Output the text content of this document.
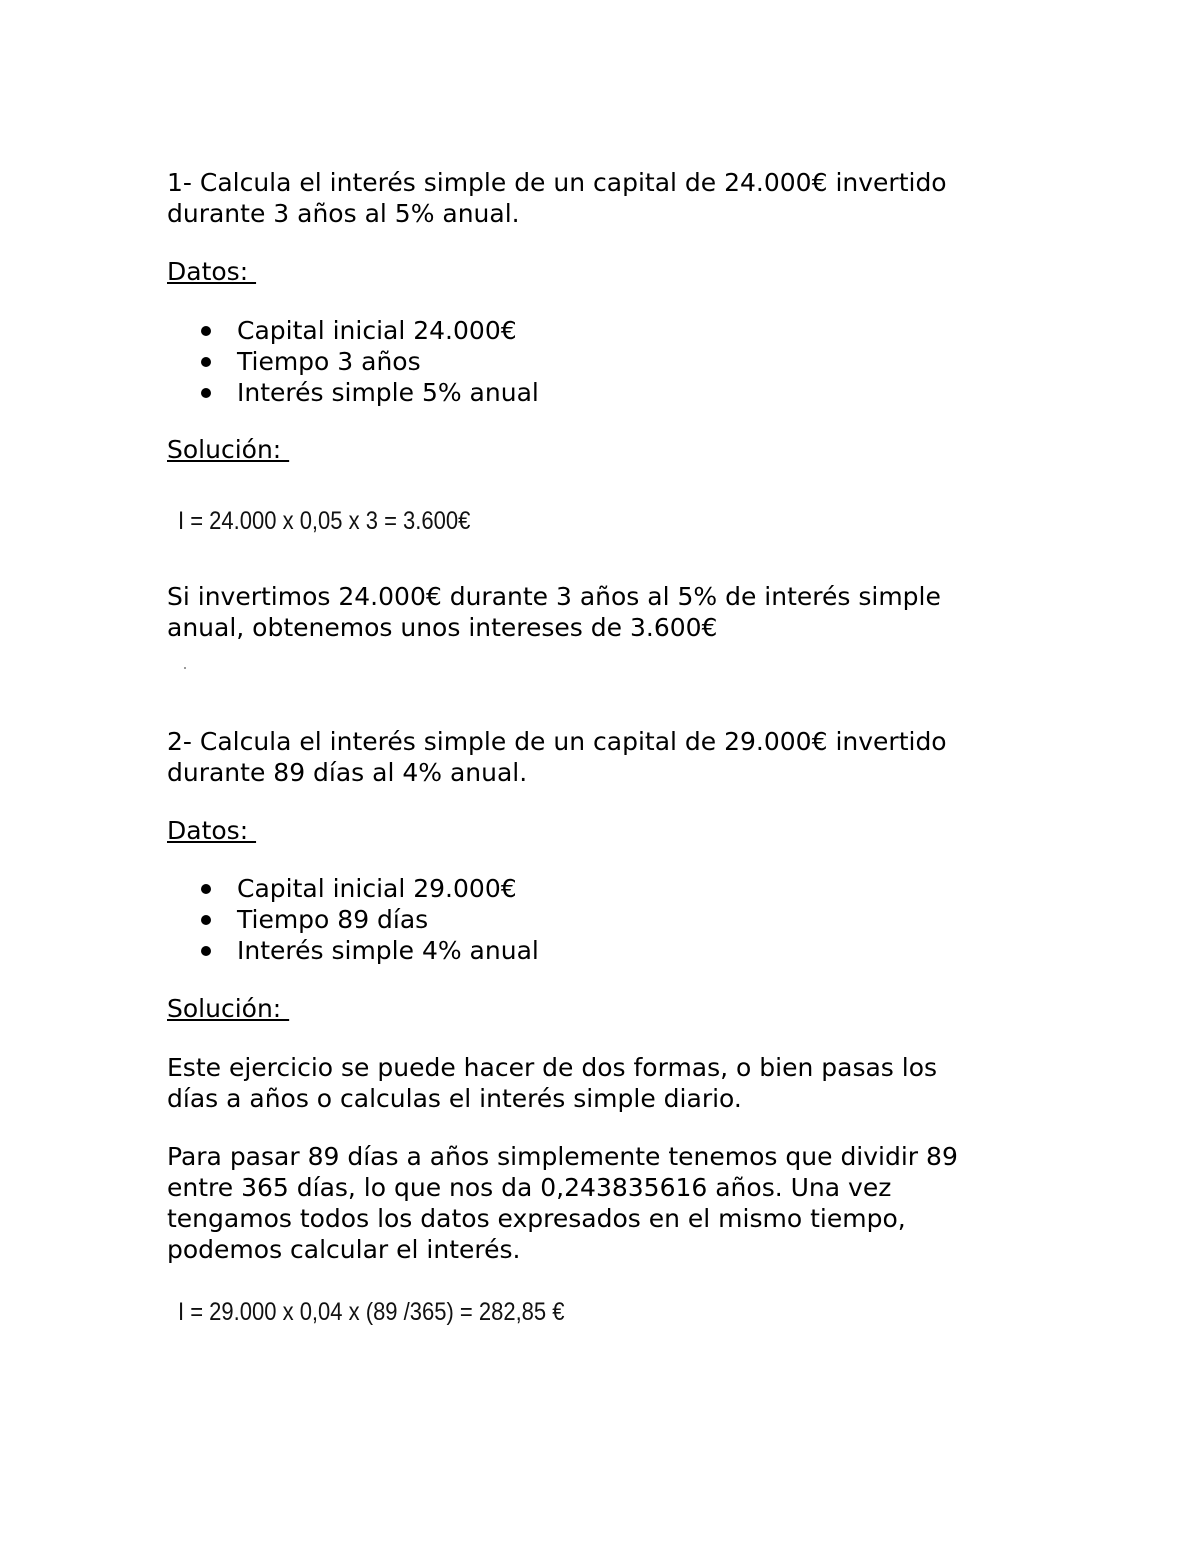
1- Calcula el interés simple de un capital de 24.000€ invertido
durante 3 años al 5% anual.
Datos:
Capital inicial 24.000€
Tiempo 3 años
Interés simple 5% anual
Solución:
I = 24.000 x 0,05 x 3 = 3.600€
Si invertimos 24.000€ durante 3 años al 5% de interés simple
anual, obtenemos unos intereses de 3.600€
2- Calcula el interés simple de un capital de 29.000€ invertido
durante 89 días al 4% anual.
Datos:
Capital inicial 29.000€
Tiempo 89 días
Interés simple 4% anual
Solución:
Este ejercicio se puede hacer de dos formas, o bien pasas los
días a años o calculas el interés simple diario.
Para pasar 89 días a años simplemente tenemos que dividir 89
entre 365 días, lo que nos da 0,243835616 años. Una vez
tengamos todos los datos expresados en el mismo tiempo,
podemos calcular el interés.
I = 29.000 x 0,04 x (89 /365) = 282,85 €
